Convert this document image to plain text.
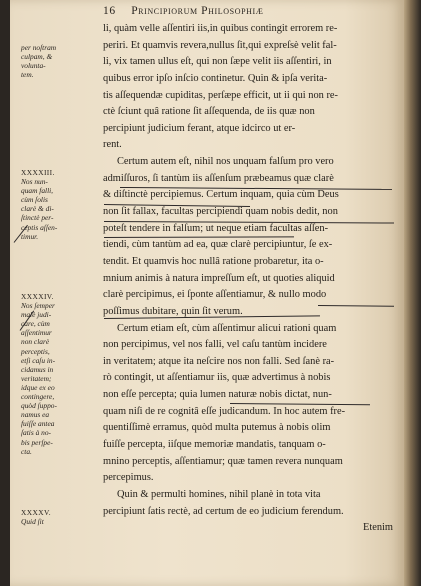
16 Principiorum Philosophiæ
li, quàm velle aſſentiri iis,in quibus contingit errorem re-
periri. Et quamvis revera,nullus ſit,qui expreſsè velit fal-
li, vix tamen ullus eſt, qui non ſæpe velit iis aſſentiri, in
quibus error ipſo inſcio continetur. Quin & ipſa verita-
tis aſſequendæ cupiditas, perſæpe efficit, ut ii qui non re-
ctè ſciunt quâ ratione ſit aſſequenda, de iis quæ non
percipiunt judicium ferant, atque idcirco ut er-
rent.
Certum autem eſt, nihil nos unquam falſum pro vero
admiſſuros, ſi tantùm iis aſſenſum præbeamus quæ clarè
& diſtinctè percipiemus. Certum inquam, quia cùm Deus
non ſit fallax, facultas percipiendi quam nobis dedit, non
poteſt tendere in falſum; ut neque etiam facultas aſſen-
tiendi, cùm tantùm ad ea, quæ clarè percipiuntur, ſe ex-
tendit. Et quamvis hoc nullâ ratione probaretur, ita o-
mnium animis à natura impreſſum eſt, ut quoties aliquid
clarè percipimus, ei ſponte aſſentiamur, & nullo modo
poſſimus dubitare, quin ſit verum.
Certum etiam eſt, cùm aſſentimur alicui rationi quam
non percipimus, vel nos falli, vel caſu tantùm incidere
in veritatem; atque ita neſcire nos non falli. Sed ſanè ra-
rò contingit, ut aſſentiamur iis, quæ advertimus à nobis
non eſſe percepta; quia lumen naturæ nobis dictat, nun-
quam niſi de re cognitâ eſſe judicandum. In hoc autem fre-
quentiſſimè erramus, quòd multa putemus à nobis olim
fuiſſe percepta, iiſque memoriæ mandatis, tanquam o-
mnino perceptis, aſſentiamur; quæ tamen revera nunquam
percepimus.
Quin & permulti homines, nihil planè in tota vita
percipiunt ſatis rectè, ad certum de eo judicium ferendum.
Etenim
per noſtram
culpam, &
volunta-
tem.
XXXXIII.
Nos nun-
quam falli,
cùm ſolis
clarè & di-
ſtinctè per-
ceptis aſſen-
timur.
XXXXIV.
Nos ſemper
malè judi-
care, cùm
aſſentimur
non clarè
perceptis,
etſi caſu in-
cidamus in
veritatem;
idque ex eo
contingere,
quòd ſuppo-
namus ea
fuiſſe antea
ſatis à no-
bis perſpe-
cta.
XXXXV.
Quid ſit
